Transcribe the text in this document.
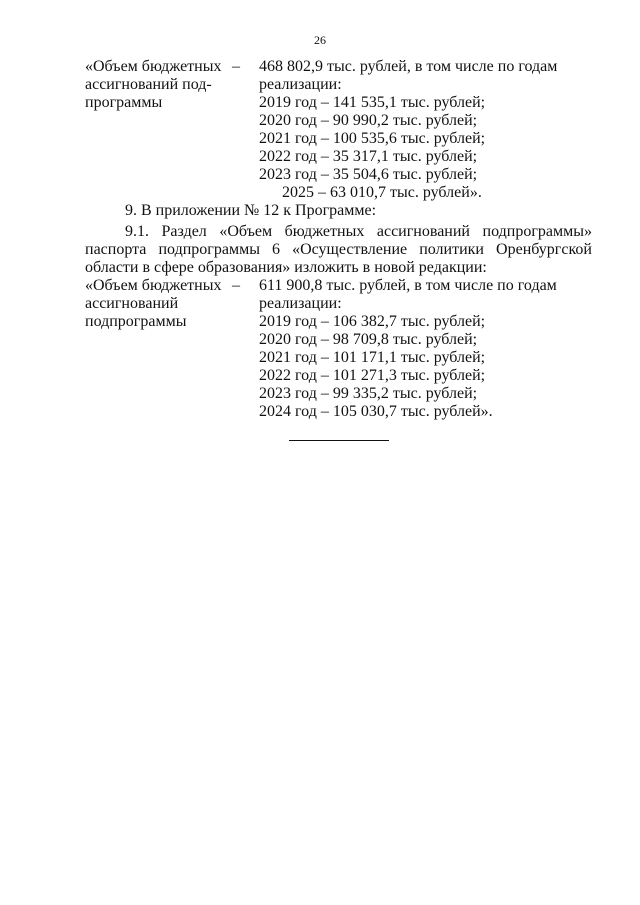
26
«Объем бюджетных
ассигнований под-
программы
– 468 802,9 тыс. рублей, в том числе по годам
реализации:
2019 год – 141 535,1 тыс. рублей;
2020 год – 90 990,2 тыс. рублей;
2021 год – 100 535,6 тыс. рублей;
2022 год – 35 317,1 тыс. рублей;
2023 год – 35 504,6 тыс. рублей;
2025 – 63 010,7 тыс. рублей».
9. В приложении № 12 к Программе:
9.1. Раздел «Объем бюджетных ассигнований подпрограммы» паспорта подпрограммы 6 «Осуществление политики Оренбургской области в сфере образования» изложить в новой редакции:
«Объем бюджетных
ассигнований
подпрограммы
– 611 900,8 тыс. рублей, в том числе по годам
реализации:
2019 год – 106 382,7 тыс. рублей;
2020 год – 98 709,8 тыс. рублей;
2021 год – 101 171,1 тыс. рублей;
2022 год – 101 271,3 тыс. рублей;
2023 год – 99 335,2 тыс. рублей;
2024 год – 105 030,7 тыс. рублей».
